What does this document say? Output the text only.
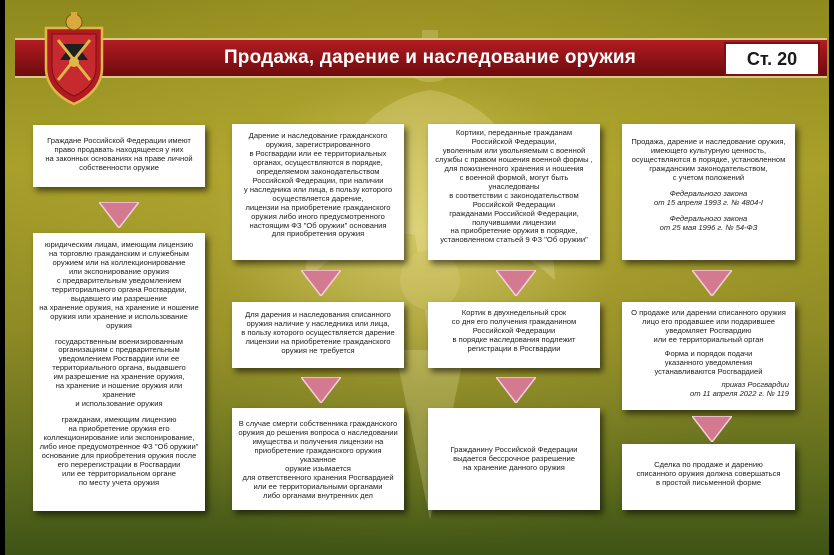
Продажа, дарение и наследование оружия	Ст. 20

Граждане Российской Федерации имеют
право продавать находящееся у них
на законных основаниях на праве личной
собственности оружие

юридическим лицам, имеющим лицензию
на торговлю гражданским и служебным
оружием или на коллекционирование
или экспонирование оружия
с предварительным уведомлением
территориального органа Росгвардии,
выдавшего им разрешение
на хранение оружия, на хранение и ношение
оружия или хранение и использование оружия

государственным военизированным
организациям с предварительным
уведомлением Росгвардии или ее
территориального органа, выдавшего
им разрешение на хранение оружия,
на хранение и ношение оружия или хранение
и использование оружия

гражданам, имеющим лицензию
на приобретение оружия его
коллекционирование или экспонирование,
либо иное предусмотренное ФЗ "Об оружии"
основание для приобретения оружия после
его перерегистрации в Росгвардии
или ее территориальном органе
по месту учета оружия

Дарение и наследование гражданского
оружия, зарегистрированного
в Росгвардии или ее территориальных
органах, осуществляются в порядке,
определяемом законодательством
Российской Федерации, при наличии
у наследника или лица, в пользу которого
осуществляется дарение,
лицензии на приобретение гражданского
оружия либо иного предусмотренного
настоящим ФЗ "Об оружии" основания
для приобретения оружия

Для дарения и наследования списанного
оружия наличие у наследника или лица,
в пользу которого осуществляется дарение
лицензии на приобретение гражданского
оружия не требуется

В случае смерти собственника гражданского
оружия до решения вопроса о наследовании
имущества и получения лицензии на
приобретение гражданского оружия указанное
оружие изымается
для ответственного хранения Росгвардией
или ее территориальными органами
либо органами внутренних дел

Кортики, переданные гражданам
Российской Федерации,
уволенным или увольняемым с военной
службы с правом ношения военной формы ,
для пожизненного хранения и ношения
с военной формой, могут быть унаследованы
в соответствии с законодательством
Российской Федерации
гражданами Российской Федерации,
получившими лицензии
на приобретение оружия в порядке,
установленном статьей 9 ФЗ "Об оружии"

Кортик в двухнедельный срок
со дня его получения гражданином
Российской Федерации
в порядке наследования подлежит
регистрации в Росгвардии

Гражданину Российской Федерации
выдается бессрочное разрешение
на хранение данного оружия

Продажа, дарение и наследование оружия,
имеющего культурную ценность,
осуществляются в порядке, установленном
гражданским законодательством,
с учетом положений

Федерального закона
от 15 апреля 1993 г. № 4804-I

Федерального закона
от 25 мая 1996 г. № 54-ФЗ

О продаже или дарении списанного оружия
лицо его продавшее или подарившее
уведомляет Росгвардию
или ее территориальный орган

Форма и порядок подачи
указанного уведомления
устанавливаются Росгвардией

приказ Росгвардии
от 11 апреля 2022 г. № 119

Сделка по продаже и дарению
списанного оружия должна совершаться
в простой письменной форме
